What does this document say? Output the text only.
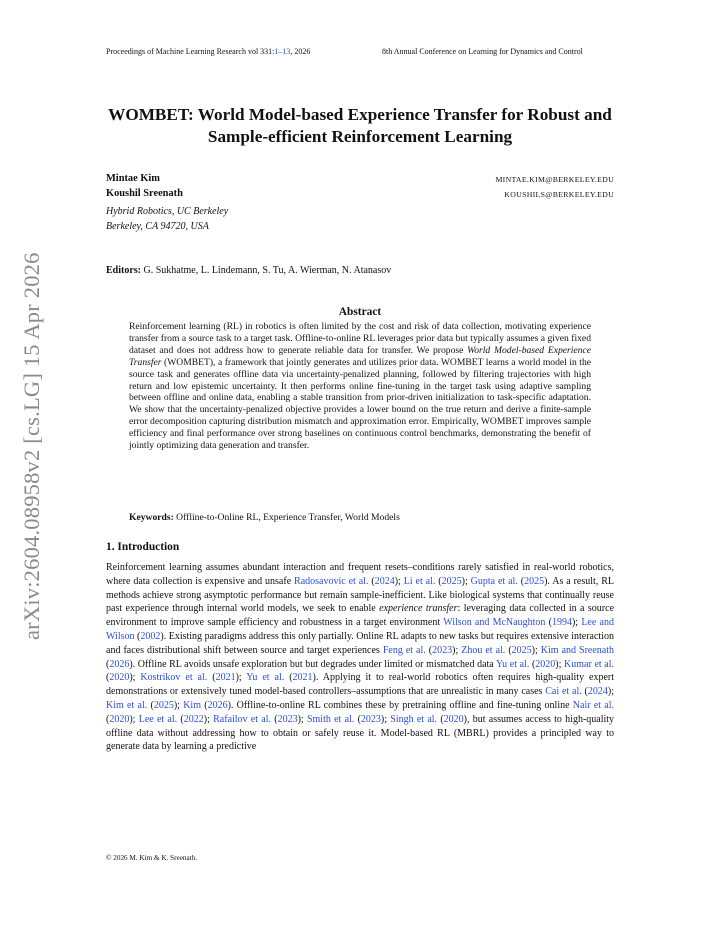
arXiv:2604.08958v2 [cs.LG] 15 Apr 2026
Proceedings of Machine Learning Research vol 331:1–13, 2026	8th Annual Conference on Learning for Dynamics and Control
WOMBET: World Model-based Experience Transfer for Robust and
Sample-efficient Reinforcement Learning
Mintae Kim	MINTAE.KIM@BERKELEY.EDU
Koushil Sreenath	KOUSHILS@BERKELEY.EDU
Hybrid Robotics, UC Berkeley
Berkeley, CA 94720, USA
Editors: G. Sukhatme, L. Lindemann, S. Tu, A. Wierman, N. Atanasov
Abstract
Reinforcement learning (RL) in robotics is often limited by the cost and risk of data collection, motivating experience transfer from a source task to a target task. Offline-to-online RL leverages prior data but typically assumes a given fixed dataset and does not address how to generate reliable data for transfer. We propose World Model-based Experience Transfer (WOMBET), a framework that jointly generates and utilizes prior data. WOMBET learns a world model in the source task and generates offline data via uncertainty-penalized planning, followed by filtering trajectories with high return and low epistemic uncertainty. It then performs online fine-tuning in the target task using adaptive sampling between offline and online data, enabling a stable transition from prior-driven initialization to task-specific adaptation. We show that the uncertainty-penalized objective provides a lower bound on the true return and derive a finite-sample error decomposition capturing distribution mismatch and approximation error. Empirically, WOMBET improves sample efficiency and final performance over strong baselines on continuous control benchmarks, demonstrating the benefit of jointly optimizing data generation and transfer.
Keywords: Offline-to-Online RL, Experience Transfer, World Models
1. Introduction
Reinforcement learning assumes abundant interaction and frequent resets–conditions rarely satisfied in real-world robotics, where data collection is expensive and unsafe Radosavovic et al. (2024); Li et al. (2025); Gupta et al. (2025). As a result, RL methods achieve strong asymptotic performance but remain sample-inefficient. Like biological systems that continually reuse past experience through internal world models, we seek to enable experience transfer: leveraging data collected in a source environment to improve sample efficiency and robustness in a target environment Wilson and McNaughton (1994); Lee and Wilson (2002). Existing paradigms address this only partially. Online RL adapts to new tasks but requires extensive interaction and faces distributional shift between source and target experiences Feng et al. (2023); Zhou et al. (2025); Kim and Sreenath (2026). Offline RL avoids unsafe exploration but but degrades under limited or mismatched data Yu et al. (2020); Kumar et al. (2020); Kostrikov et al. (2021); Yu et al. (2021). Applying it to real-world robotics often requires high-quality expert demonstrations or extensively tuned model-based controllers–assumptions that are unrealistic in many cases Cai et al. (2024); Kim et al. (2025); Kim (2026). Offline-to-online RL combines these by pretraining offline and fine-tuning online Nair et al. (2020); Lee et al. (2022); Rafailov et al. (2023); Smith et al. (2023); Singh et al. (2020), but assumes access to high-quality offline data without addressing how to obtain or safely reuse it. Model-based RL (MBRL) provides a principled way to generate data by learning a predictive
© 2026 M. Kim & K. Sreenath.
